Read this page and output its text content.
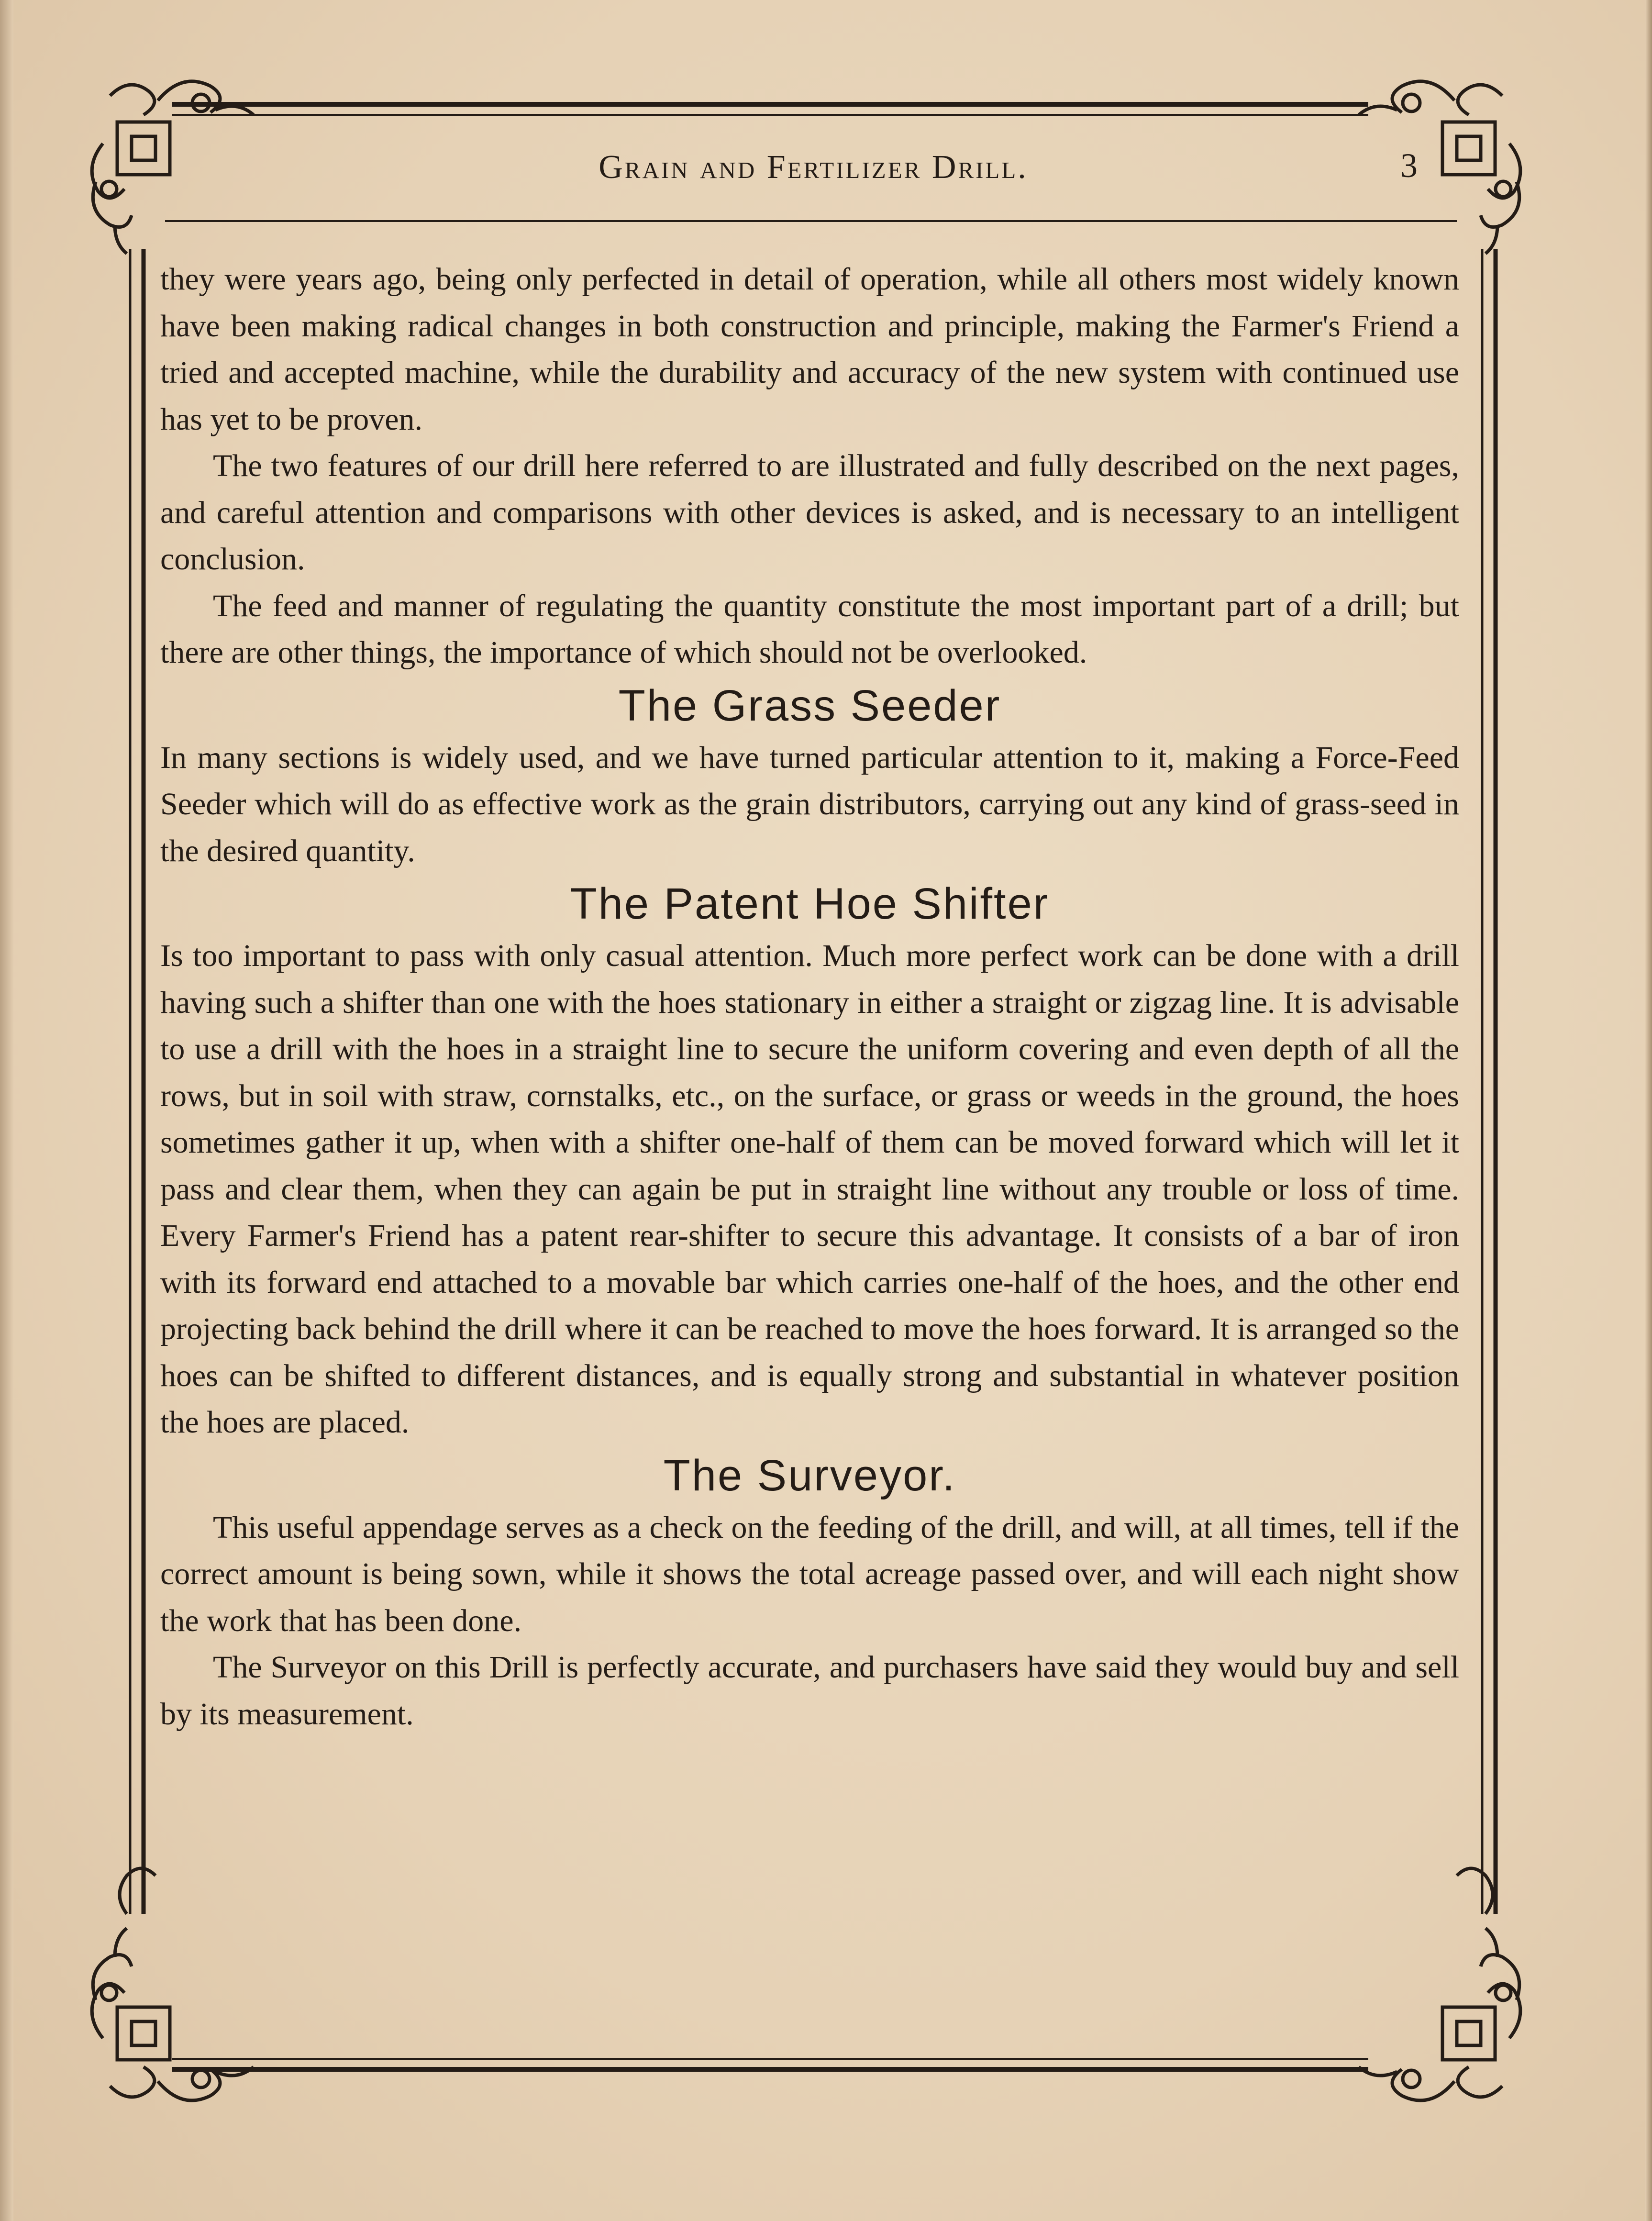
Grain and Fertilizer Drill.	3

they were years ago, being only perfected in detail of operation, while all others most widely known have been making radical changes in both construction and principle, making the Farmer's Friend a tried and accepted machine, while the durability and accuracy of the new system with continued use has yet to be proven.

The two features of our drill here referred to are illustrated and fully described on the next pages, and careful attention and comparisons with other devices is asked, and is necessary to an intelligent conclusion.

The feed and manner of regulating the quantity constitute the most important part of a drill; but there are other things, the importance of which should not be overlooked.

The Grass Seeder

In many sections is widely used, and we have turned particular attention to it, making a Force-Feed Seeder which will do as effective work as the grain distributors, carrying out any kind of grass-seed in the desired quantity.

The Patent Hoe Shifter

Is too important to pass with only casual attention. Much more perfect work can be done with a drill having such a shifter than one with the hoes stationary in either a straight or zigzag line. It is advisable to use a drill with the hoes in a straight line to secure the uniform covering and even depth of all the rows, but in soil with straw, cornstalks, etc., on the surface, or grass or weeds in the ground, the hoes sometimes gather it up, when with a shifter one-half of them can be moved forward which will let it pass and clear them, when they can again be put in straight line without any trouble or loss of time. Every Farmer's Friend has a patent rear-shifter to secure this advantage. It consists of a bar of iron with its forward end attached to a movable bar which carries one-half of the hoes, and the other end projecting back behind the drill where it can be reached to move the hoes forward. It is arranged so the hoes can be shifted to different distances, and is equally strong and substantial in whatever position the hoes are placed.

The Surveyor.

This useful appendage serves as a check on the feeding of the drill, and will, at all times, tell if the correct amount is being sown, while it shows the total acreage passed over, and will each night show the work that has been done.

The Surveyor on this Drill is perfectly accurate, and purchasers have said they would buy and sell by its measurement.
